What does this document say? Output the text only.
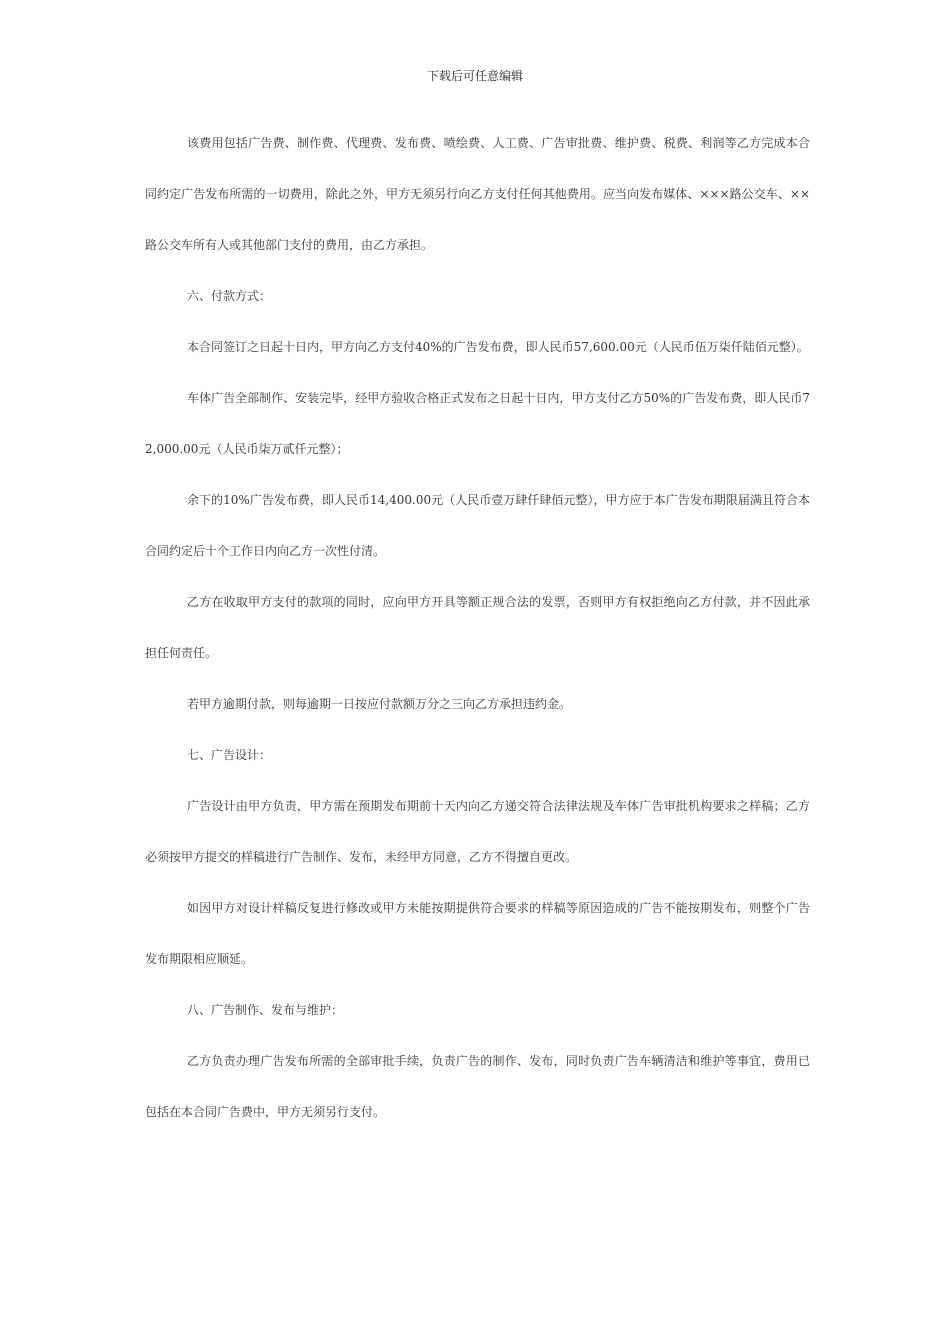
下载后可任意编辑

该费用包括广告费、制作费、代理费、发布费、喷绘费、人工费、广告审批费、维护费、税费、利润等乙方完成本合同约定广告发布所需的一切费用，除此之外，甲方无须另行向乙方支付任何其他费用。应当向发布媒体、×××路公交车、××路公交车所有人或其他部门支付的费用，由乙方承担。

六、付款方式：

本合同签订之日起十日内，甲方向乙方支付40%的广告发布费，即人民币57,600.00元（人民币伍万柒仟陆佰元整）。

车体广告全部制作、安装完毕，经甲方验收合格正式发布之日起十日内，甲方支付乙方50%的广告发布费，即人民币72,000.00元（人民币柒万贰仟元整）；

余下的10%广告发布费，即人民币14,400.00元（人民币壹万肆仟肆佰元整），甲方应于本广告发布期限届满且符合本合同约定后十个工作日内向乙方一次性付清。

乙方在收取甲方支付的款项的同时，应向甲方开具等额正规合法的发票，否则甲方有权拒绝向乙方付款，并不因此承担任何责任。

若甲方逾期付款，则每逾期一日按应付款额万分之三向乙方承担违约金。

七、广告设计：

广告设计由甲方负责，甲方需在预期发布期前十天内向乙方递交符合法律法规及车体广告审批机构要求之样稿；乙方必须按甲方提交的样稿进行广告制作、发布，未经甲方同意，乙方不得擅自更改。

如因甲方对设计样稿反复进行修改或甲方未能按期提供符合要求的样稿等原因造成的广告不能按期发布，则整个广告发布期限相应顺延。

八、广告制作、发布与维护：

乙方负责办理广告发布所需的全部审批手续，负责广告的制作、发布，同时负责广告车辆清洁和维护等事宜，费用已包括在本合同广告费中，甲方无须另行支付。
